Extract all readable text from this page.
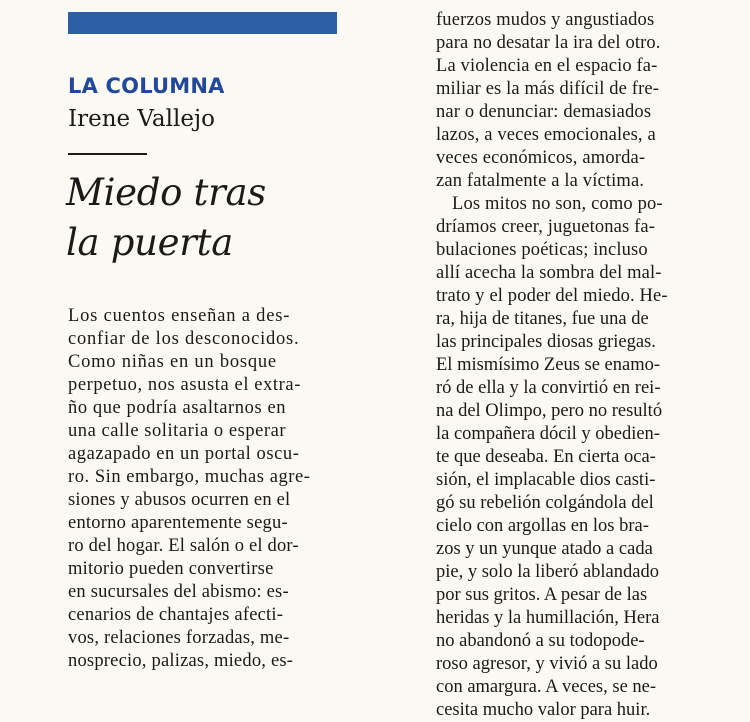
LA COLUMNA
Irene Vallejo
Miedo tras
la puerta
Los cuentos enseñan a des-
confiar de los desconocidos.
Como niñas en un bosque
perpetuo, nos asusta el extra-
ño que podría asaltarnos en
una calle solitaria o esperar
agazapado en un portal oscu-
ro. Sin embargo, muchas agre-
siones y abusos ocurren en el
entorno aparentemente segu-
ro del hogar. El salón o el dor-
mitorio pueden convertirse
en sucursales del abismo: es-
cenarios de chantajes afecti-
vos, relaciones forzadas, me-
nosprecio, palizas, miedo, es-
fuerzos mudos y angustiados
para no desatar la ira del otro.
La violencia en el espacio fa-
miliar es la más difícil de fre-
nar o denunciar: demasiados
lazos, a veces emocionales, a
veces económicos, amorda-
zan fatalmente a la víctima.
Los mitos no son, como po-
dríamos creer, juguetonas fa-
bulaciones poéticas; incluso
allí acecha la sombra del mal-
trato y el poder del miedo. He-
ra, hija de titanes, fue una de
las principales diosas griegas.
El mismísimo Zeus se enamo-
ró de ella y la convirtió en rei-
na del Olimpo, pero no resultó
la compañera dócil y obedien-
te que deseaba. En cierta oca-
sión, el implacable dios casti-
gó su rebelión colgándola del
cielo con argollas en los bra-
zos y un yunque atado a cada
pie, y solo la liberó ablandado
por sus gritos. A pesar de las
heridas y la humillación, Hera
no abandonó a su todopode-
roso agresor, y vivió a su lado
con amargura. A veces, se ne-
cesita mucho valor para huir.
